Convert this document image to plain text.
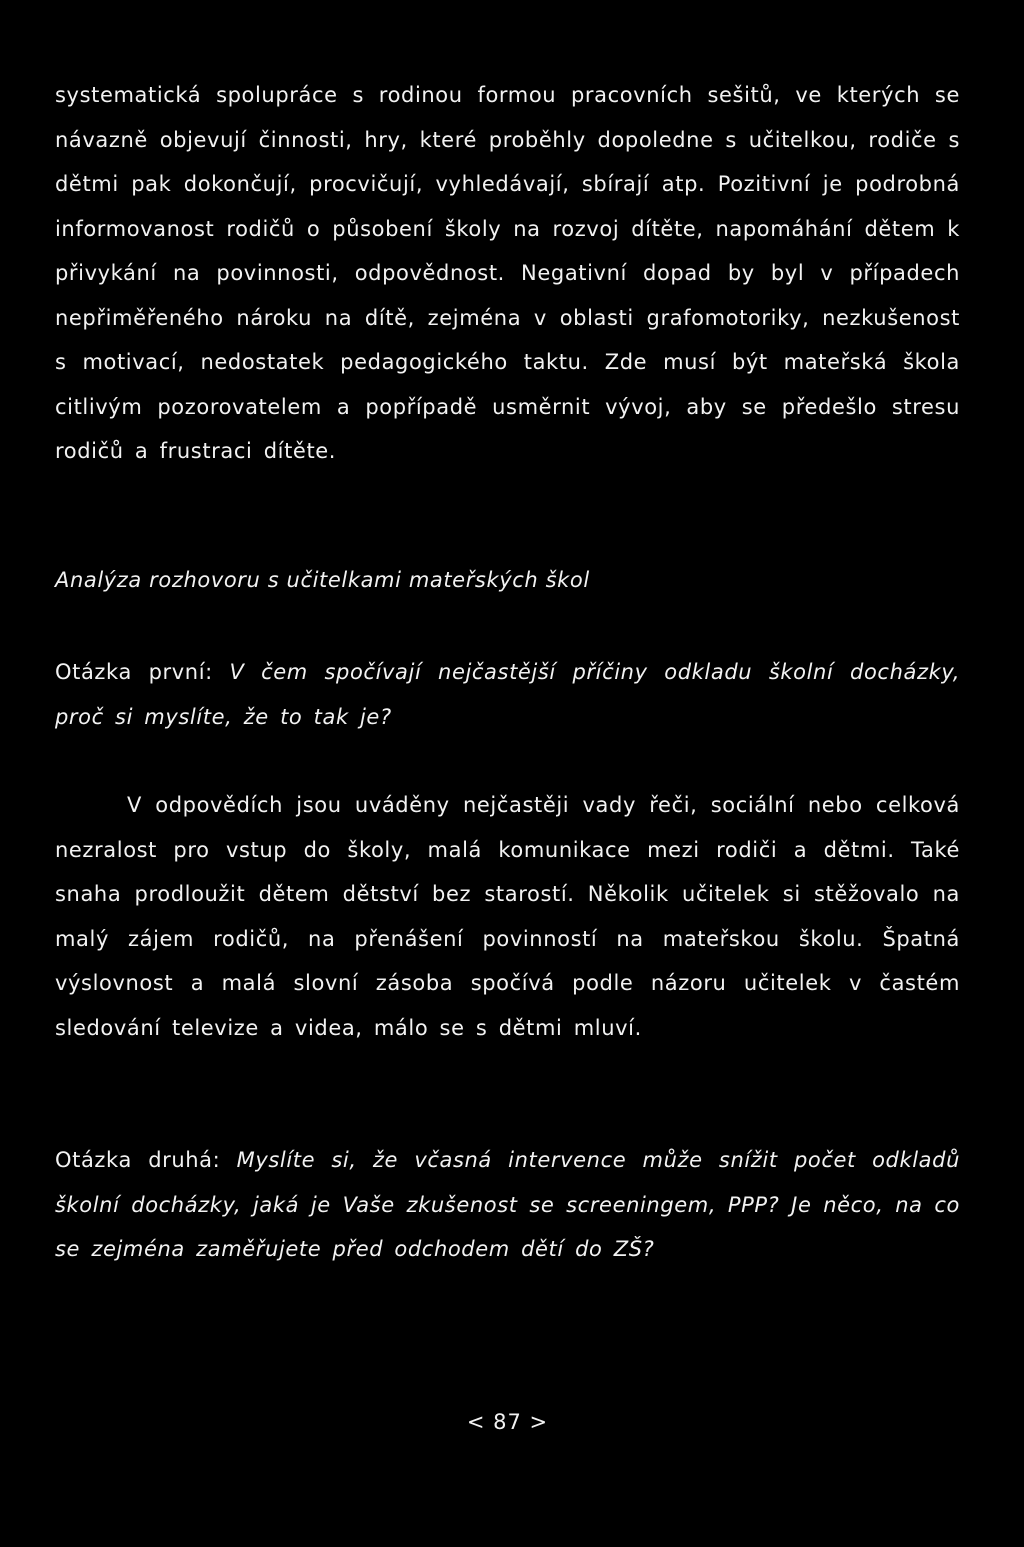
systematická spolupráce s rodinou formou pracovních sešitů, ve kterých se návazně objevují činnosti, hry, které proběhly dopoledne s učitelkou, rodiče s dětmi pak dokončují, procvičují, vyhledávají, sbírají atp. Pozitivní je podrobná informovanost rodičů o působení školy na rozvoj dítěte, napomáhání dětem k přivykání na povinnosti, odpovědnost. Negativní dopad by byl v případech nepřiměřeného nároku na dítě, zejména v oblasti grafomotoriky, nezkušenost s motivací, nedostatek pedagogického taktu. Zde musí být mateřská škola citlivým pozorovatelem a popřípadě usměrnit vývoj, aby se předešlo stresu rodičů a frustraci dítěte.

Analýza rozhovoru s učitelkami mateřských škol

Otázka první: V čem spočívají nejčastější příčiny odkladu školní docházky, proč si myslíte, že to tak je?

V odpovědích jsou uváděny nejčastěji vady řeči, sociální nebo celková nezralost pro vstup do školy, malá komunikace mezi rodiči a dětmi. Také snaha prodloužit dětem dětství bez starostí. Několik učitelek si stěžovalo na malý zájem rodičů, na přenášení povinností na mateřskou školu. Špatná výslovnost a malá slovní zásoba spočívá podle názoru učitelek v častém sledování televize a videa, málo se s dětmi mluví.

Otázka druhá: Myslíte si, že včasná intervence může snížit počet odkladů školní docházky, jaká je Vaše zkušenost se screeningem, PPP? Je něco, na co se zejména zaměřujete před odchodem dětí do ZŠ?

< 87 >
